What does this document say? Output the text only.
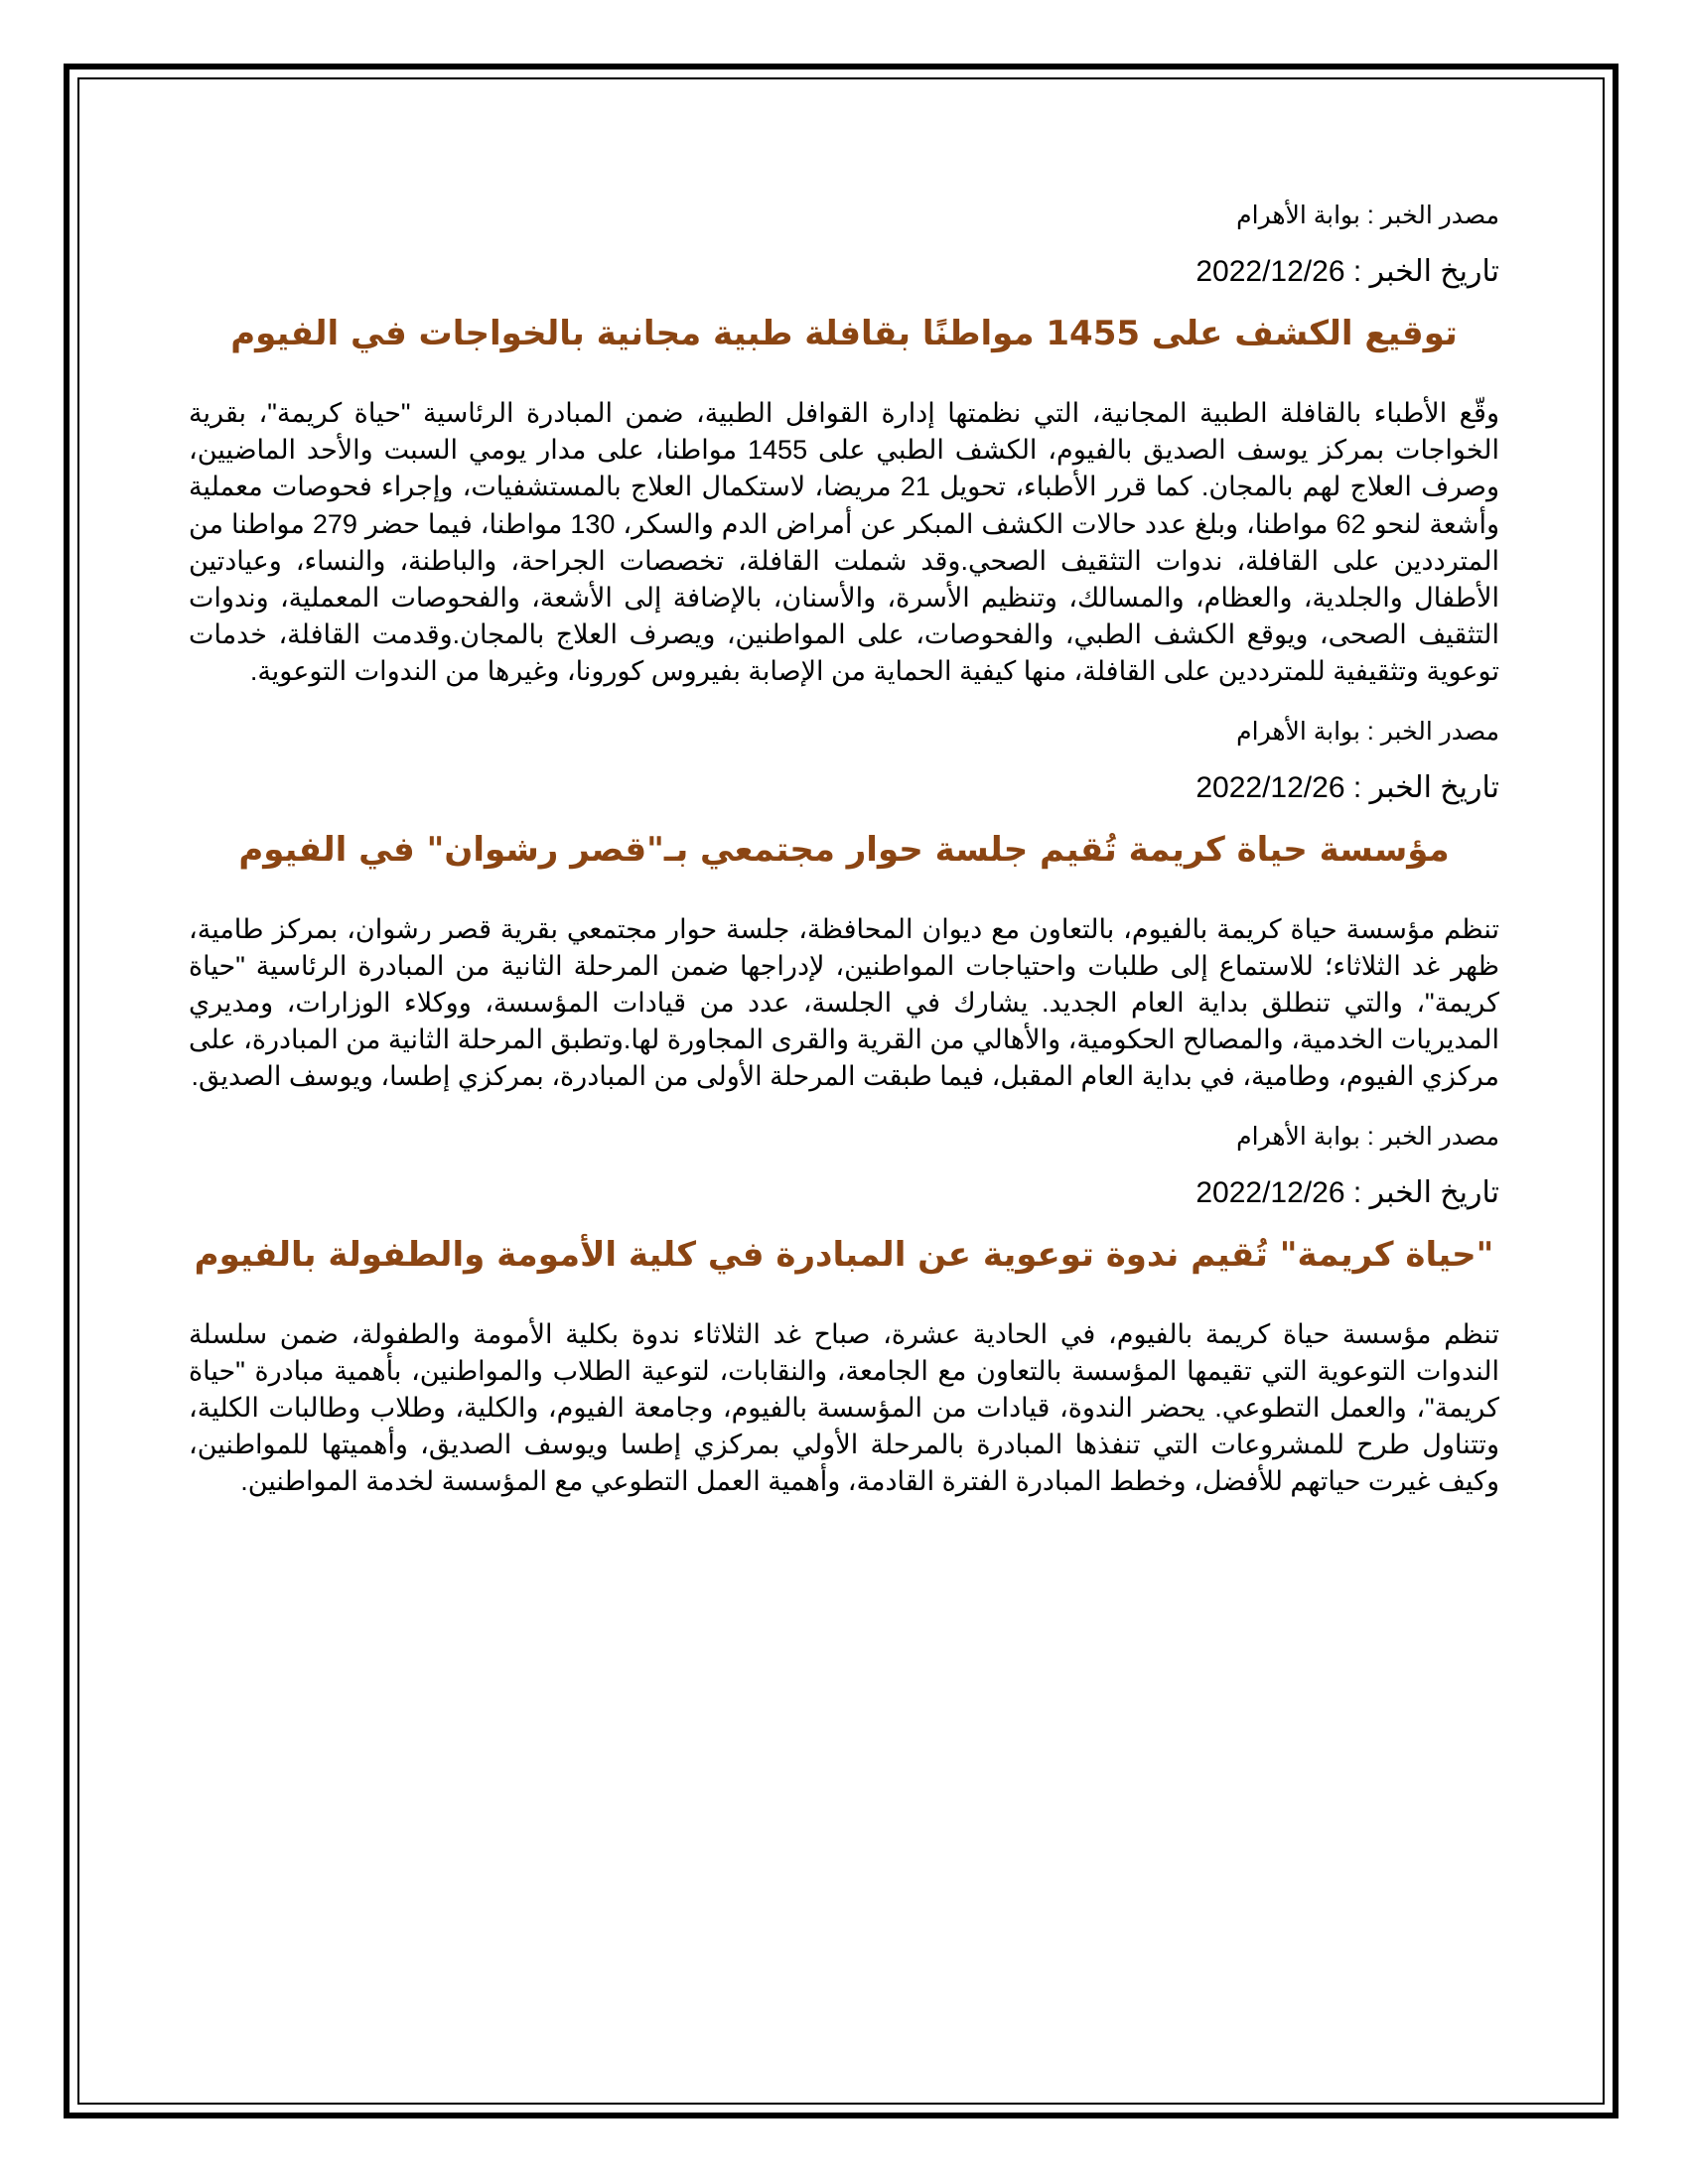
مصدر الخبر : بوابة الأهرام

تاريخ الخبر : 2022/12/26

توقيع الكشف على 1455 مواطنًا بقافلة طبية مجانية بالخواجات في الفيوم

وقّع الأطباء بالقافلة الطبية المجانية، التي نظمتها إدارة القوافل الطبية، ضمن المبادرة الرئاسية "حياة كريمة"، بقرية الخواجات بمركز يوسف الصديق بالفيوم، الكشف الطبي على 1455 مواطنا، على مدار يومي السبت والأحد الماضيين، وصرف العلاج لهم بالمجان. كما قرر الأطباء، تحويل 21 مريضا، لاستكمال العلاج بالمستشفيات، وإجراء فحوصات معملية وأشعة لنحو 62 مواطنا، وبلغ عدد حالات الكشف المبكر عن أمراض الدم والسكر، 130 مواطنا، فيما حضر 279 مواطنا من المترددين على القافلة، ندوات التثقيف الصحي.وقد شملت القافلة، تخصصات الجراحة، والباطنة، والنساء، وعيادتين الأطفال والجلدية، والعظام، والمسالك، وتنظيم الأسرة، والأسنان، بالإضافة إلى الأشعة، والفحوصات المعملية، وندوات التثقيف الصحى، ويوقع الكشف الطبي، والفحوصات، على المواطنين، ويصرف العلاج بالمجان.وقدمت القافلة، خدمات توعوية وتثقيفية للمترددين على القافلة، منها كيفية الحماية من الإصابة بفيروس كورونا، وغيرها من الندوات التوعوية.

مصدر الخبر : بوابة الأهرام

تاريخ الخبر : 2022/12/26

مؤسسة حياة كريمة تُقيم جلسة حوار مجتمعي بـ"قصر رشوان" في الفيوم

تنظم مؤسسة حياة كريمة بالفيوم، بالتعاون مع ديوان المحافظة، جلسة حوار مجتمعي بقرية قصر رشوان، بمركز طامية، ظهر غد الثلاثاء؛ للاستماع إلى طلبات واحتياجات المواطنين، لإدراجها ضمن المرحلة الثانية من المبادرة الرئاسية "حياة كريمة"، والتي تنطلق بداية العام الجديد. يشارك في الجلسة، عدد من قيادات المؤسسة، ووكلاء الوزارات، ومديري المديريات الخدمية، والمصالح الحكومية، والأهالي من القرية والقرى المجاورة لها.وتطبق المرحلة الثانية من المبادرة، على مركزي الفيوم، وطامية، في بداية العام المقبل، فيما طبقت المرحلة الأولى من المبادرة، بمركزي إطسا، ويوسف الصديق.

مصدر الخبر : بوابة الأهرام

تاريخ الخبر : 2022/12/26

"حياة كريمة" تُقيم ندوة توعوية عن المبادرة في كلية الأمومة والطفولة بالفيوم

تنظم مؤسسة حياة كريمة بالفيوم، في الحادية عشرة، صباح غد الثلاثاء ندوة بكلية الأمومة والطفولة، ضمن سلسلة الندوات التوعوية التي تقيمها المؤسسة بالتعاون مع الجامعة، والنقابات، لتوعية الطلاب والمواطنين، بأهمية مبادرة "حياة كريمة"، والعمل التطوعي. يحضر الندوة، قيادات من المؤسسة بالفيوم، وجامعة الفيوم، والكلية، وطلاب وطالبات الكلية، وتتناول طرح للمشروعات التي تنفذها المبادرة بالمرحلة الأولي بمركزي إطسا ويوسف الصديق، وأهميتها للمواطنين، وكيف غيرت حياتهم للأفضل، وخطط المبادرة الفترة القادمة، وأهمية العمل التطوعي مع المؤسسة لخدمة المواطنين.
